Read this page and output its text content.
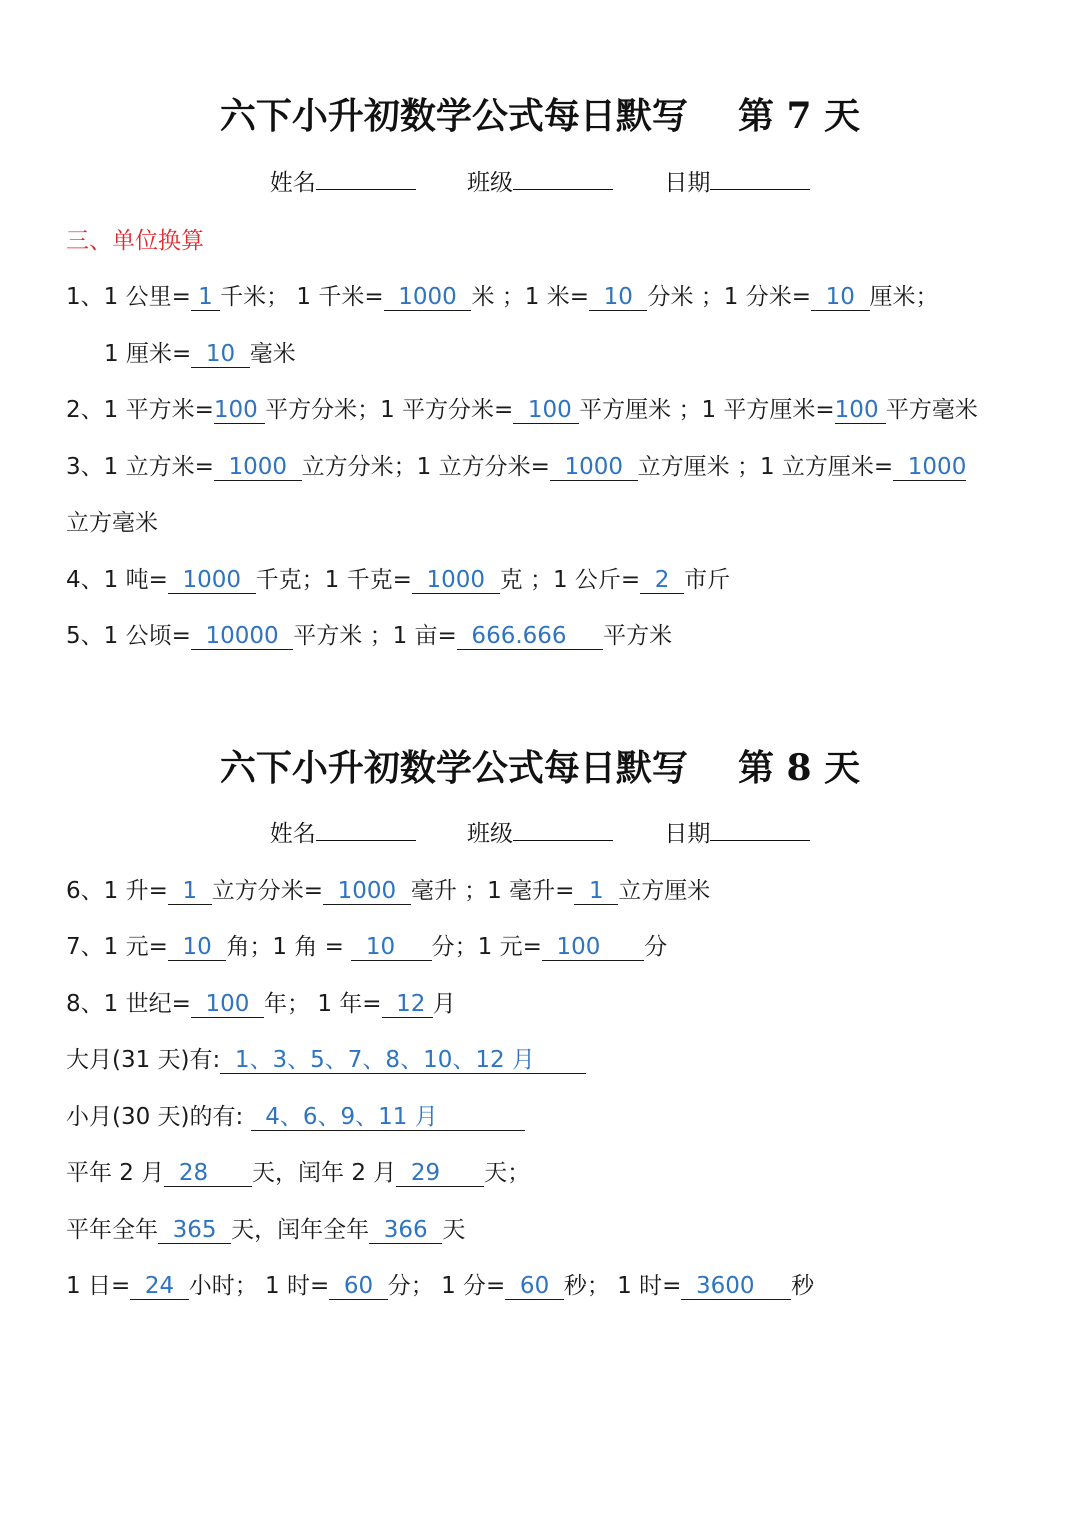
六下小升初数学公式每日默写    第 7 天
姓名	班级	日期
三、单位换算
六下小升初数学公式每日默写    第 8 天
姓名	班级	日期
1、1 公里= 1 千米； 1 千米=  1000  米 ；1 米=  10  分米 ；1 分米=  10  厘米；
1 厘米=  10  毫米
2、1 平方米=100 平方分米；1 平方分米=  100 平方厘米 ；1 平方厘米=100 平方毫米
3、1 立方米=  1000  立方分米；1 立方分米=  1000  立方厘米 ；1 立方厘米=  1000
立方毫米
4、1 吨=  1000  千克；1 千克=  1000  克 ；1 公斤=  2  市斤
5、1 公顷=  10000  平方米 ；1 亩=  666.666     平方米
6、1 升=  1  立方分米=  1000  毫升 ；1 毫升=  1  立方厘米
7、1 元=  10  角；1 角 =   10     分；1 元=  100      分
8、1 世纪=  100  年； 1 年=  12 月
大月(31 天)有:  1、3、5、7、8、10、12 月
小月(30 天)的有:   4、6、9、11 月
平年 2 月  28      天，闰年 2 月  29      天；
平年全年  365  天，闰年全年  366  天
1 日=  24  小时； 1 时=  60  分； 1 分=  60  秒； 1 时=  3600     秒
